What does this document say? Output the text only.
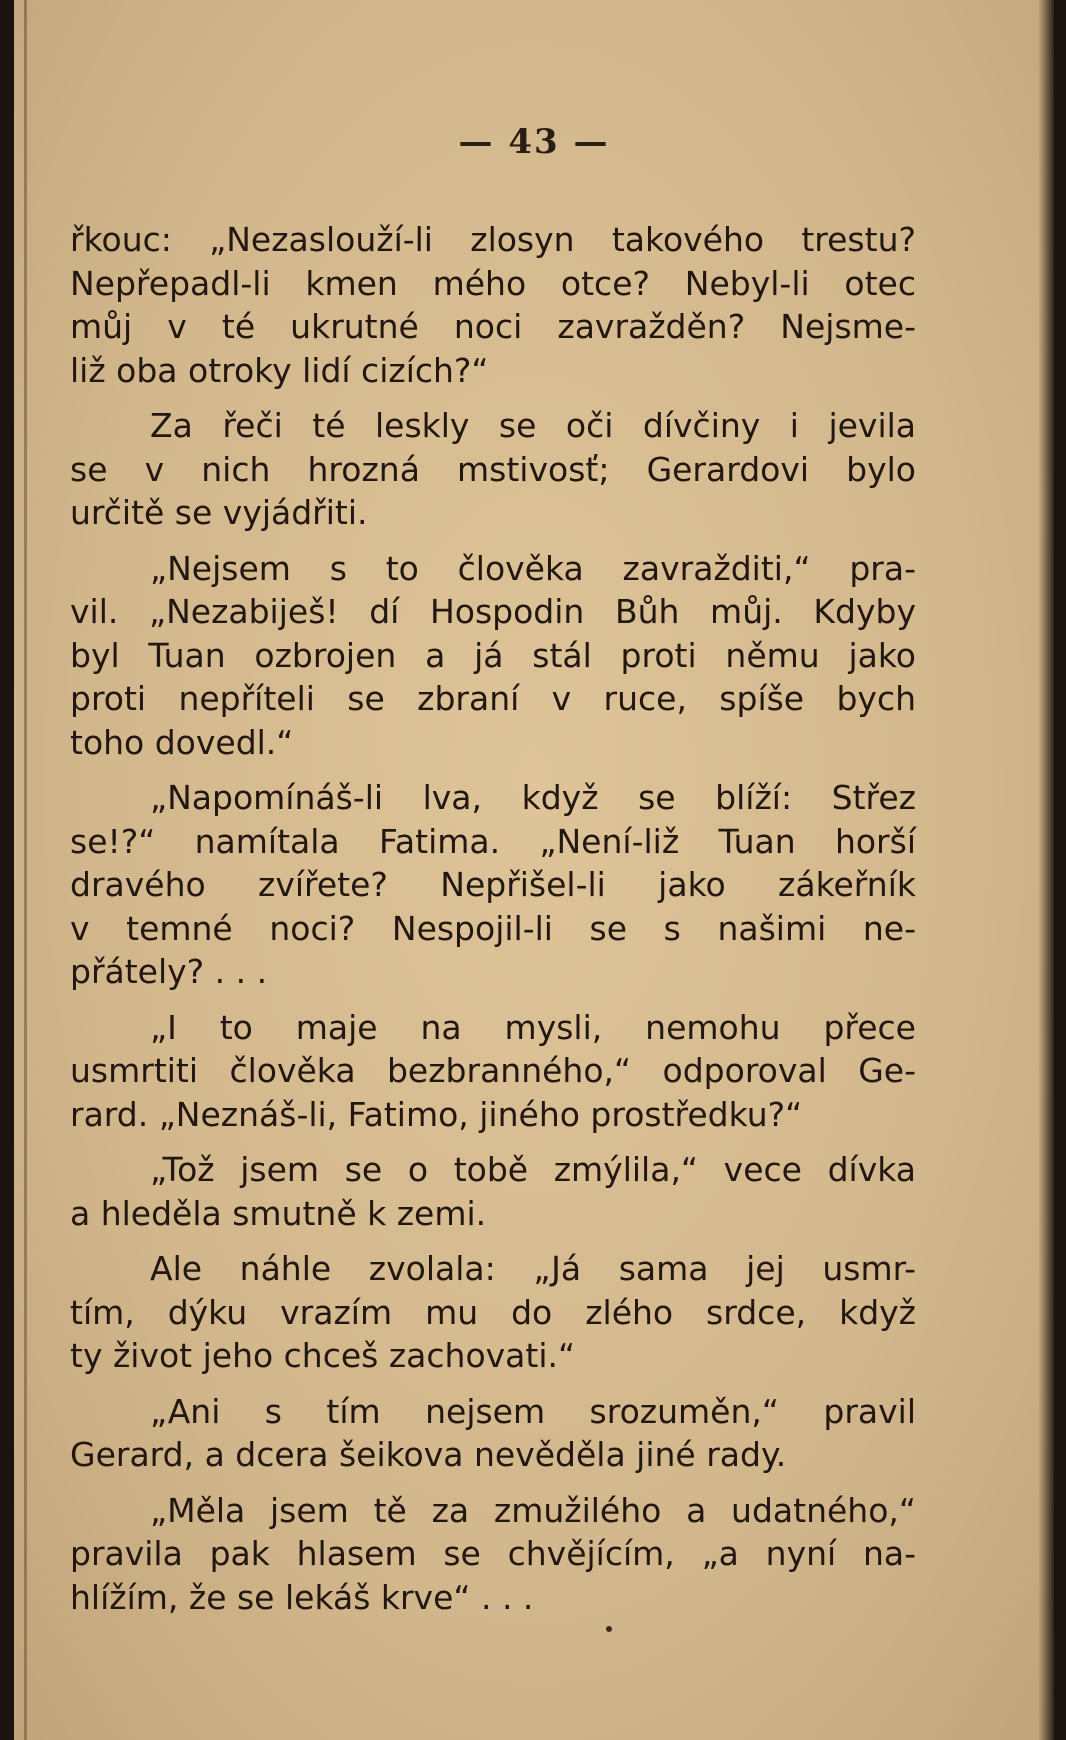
— 43 —
řkouc: „Nezaslouží-li zlosyn takového trestu?
Nepřepadl-li kmen mého otce? Nebyl-li otec
můj v té ukrutné noci zavražděn? Nejsme-
liž oba otroky lidí cizích?“
Za řeči té leskly se oči dívčiny i jevila
se v nich hrozná mstivosť; Gerardovi bylo
určitě se vyjádřiti.
„Nejsem s to člověka zavražditi,“ pra-
vil. „Nezabiješ! dí Hospodin Bůh můj. Kdyby
byl Tuan ozbrojen a já stál proti němu jako
proti nepříteli se zbraní v ruce, spíše bych
toho dovedl.“
„Napomínáš-li lva, když se blíží: Střez
se!?“ namítala Fatima. „Není-liž Tuan horší
dravého zvířete? Nepřišel-li jako zákeřník
v temné noci? Nespojil-li se s našimi ne-
přátely? . . .
„I to maje na mysli, nemohu přece
usmrtiti člověka bezbranného,“ odporoval Ge-
rard. „Neznáš-li, Fatimo, jiného prostředku?“
„Tož jsem se o tobě zmýlila,“ vece dívka
a hleděla smutně k zemi.
Ale náhle zvolala: „Já sama jej usmr-
tím, dýku vrazím mu do zlého srdce, když
ty život jeho chceš zachovati.“
„Ani s tím nejsem srozuměn,“ pravil
Gerard, a dcera šeikova nevěděla jiné rady.
„Měla jsem tě za zmužilého a udatného,“
pravila pak hlasem se chvějícím, „a nyní na-
hlížím, že se lekáš krve“ . . .
